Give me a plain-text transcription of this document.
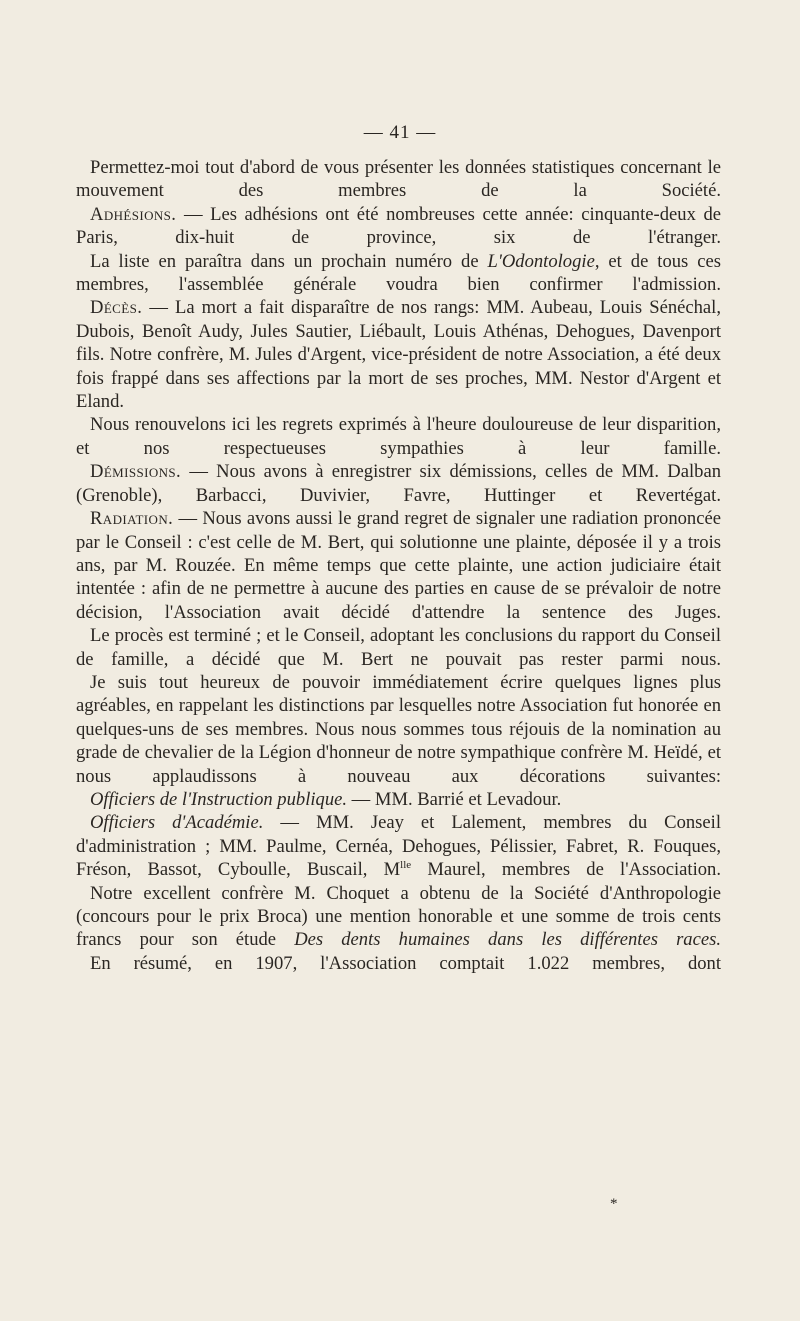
— 41 —

Permettez-moi tout d'abord de vous présenter les données statistiques concernant le mouvement des membres de la Société.

Adhésions. — Les adhésions ont été nombreuses cette année: cinquante-deux de Paris, dix-huit de province, six de l'étranger.

La liste en paraîtra dans un prochain numéro de L'Odontologie, et de tous ces membres, l'assemblée générale voudra bien confirmer l'admission.

Décès. — La mort a fait disparaître de nos rangs: MM. Aubeau, Louis Sénéchal, Dubois, Benoît Audy, Jules Sautier, Liébault, Louis Athénas, Dehogues, Davenport fils. Notre confrère, M. Jules d'Argent, vice-président de notre Association, a été deux fois frappé dans ses affections par la mort de ses proches, MM. Nestor d'Argent et Eland.

Nous renouvelons ici les regrets exprimés à l'heure douloureuse de leur disparition, et nos respectueuses sympathies à leur famille.

Démissions. — Nous avons à enregistrer six démissions, celles de MM. Dalban (Grenoble), Barbacci, Duvivier, Favre, Huttinger et Revertégat.

Radiation. — Nous avons aussi le grand regret de signaler une radiation prononcée par le Conseil : c'est celle de M. Bert, qui solutionne une plainte, déposée il y a trois ans, par M. Rouzée. En même temps que cette plainte, une action judiciaire était intentée : afin de ne permettre à aucune des parties en cause de se prévaloir de notre décision, l'Association avait décidé d'attendre la sentence des Juges.

Le procès est terminé ; et le Conseil, adoptant les conclusions du rapport du Conseil de famille, a décidé que M. Bert ne pouvait pas rester parmi nous.

Je suis tout heureux de pouvoir immédiatement écrire quelques lignes plus agréables, en rappelant les distinctions par lesquelles notre Association fut honorée en quelques-uns de ses membres. Nous nous sommes tous réjouis de la nomination au grade de chevalier de la Légion d'honneur de notre sympathique confrère M. Heïdé, et nous applaudissons à nouveau aux décorations suivantes:

Officiers de l'Instruction publique. — MM. Barrié et Levadour.

Officiers d'Académie. — MM. Jeay et Lalement, membres du Conseil d'administration ; MM. Paulme, Cernéa, Dehogues, Pélissier, Fabret, R. Fouques, Fréson, Bassot, Cyboulle, Buscail, $M^{lle}$ Maurel, membres de l'Association.

Notre excellent confrère M. Choquet a obtenu de la Société d'Anthropologie (concours pour le prix Broca) une mention honorable et une somme de trois cents francs pour son étude Des dents humaines dans les différentes races.

En résumé, en 1907, l'Association comptait 1.022 membres, dont

*
